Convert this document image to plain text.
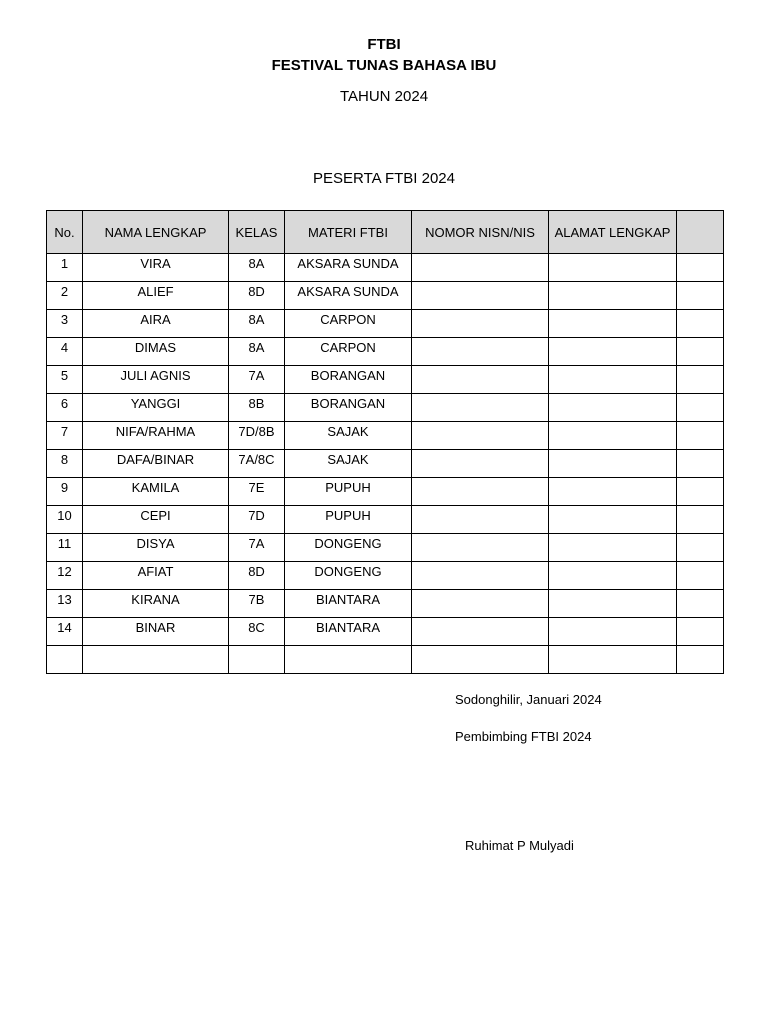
FTBI
FESTIVAL TUNAS BAHASA IBU
TAHUN 2024
PESERTA FTBI 2024
No.	NAMA LENGKAP	KELAS	MATERI FTBI	NOMOR NISN/NIS	ALAMAT LENGKAP	
1	VIRA	8A	AKSARA SUNDA			
2	ALIEF	8D	AKSARA SUNDA			
3	AIRA	8A	CARPON			
4	DIMAS	8A	CARPON			
5	JULI AGNIS	7A	BORANGAN			
6	YANGGI	8B	BORANGAN			
7	NIFA/RAHMA	7D/8B	SAJAK			
8	DAFA/BINAR	7A/8C	SAJAK			
9	KAMILA	7E	PUPUH			
10	CEPI	7D	PUPUH			
11	DISYA	7A	DONGENG			
12	AFIAT	8D	DONGENG			
13	KIRANA	7B	BIANTARA			
14	BINAR	8C	BIANTARA			

Sodonghilir, Januari 2024
Pembimbing FTBI 2024
Ruhimat P Mulyadi
